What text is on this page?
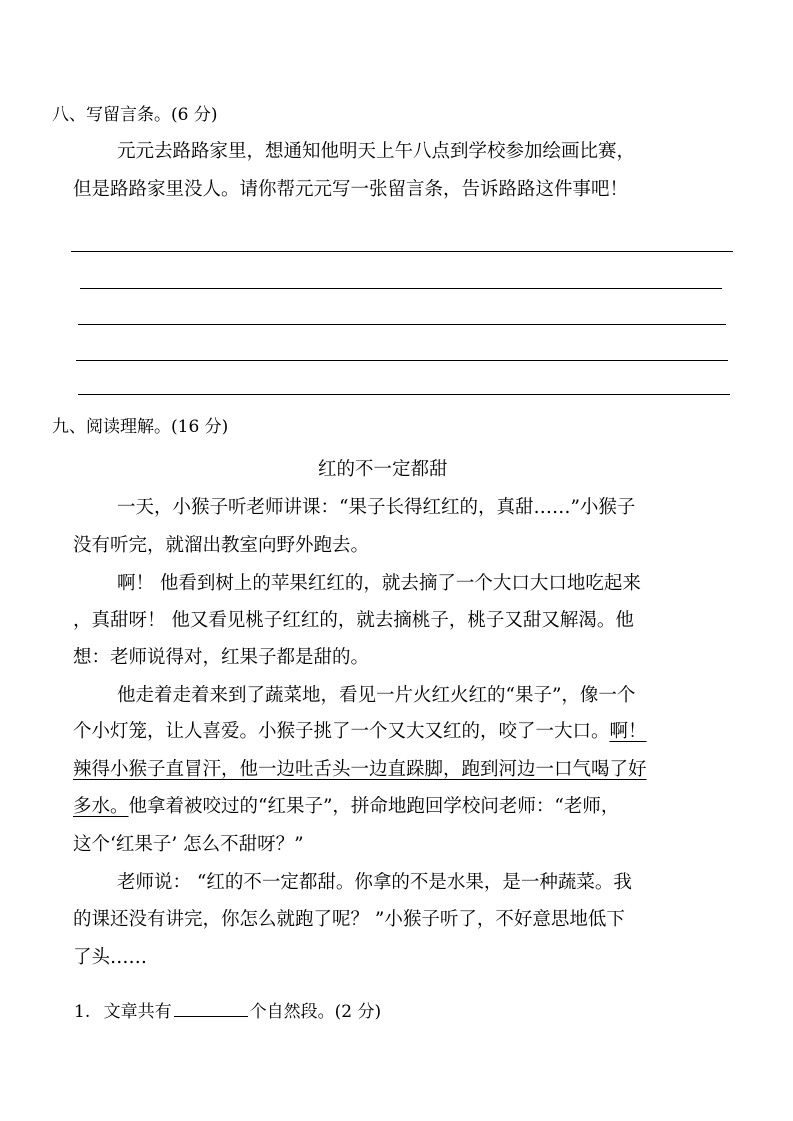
八、写留言条。(6 分)
元元去路路家里，想通知他明天上午八点到学校参加绘画比赛，
但是路路家里没人。请你帮元元写一张留言条，告诉路路这件事吧！
九、阅读理解。(16 分)
红的不一定都甜
一天，小猴子听老师讲课：“果子长得红红的，真甜……”小猴子
没有听完，就溜出教室向野外跑去。
啊！ 他看到树上的苹果红红的，就去摘了一个大口大口地吃起来
，真甜呀！ 他又看见桃子红红的，就去摘桃子，桃子又甜又解渴。他
想：老师说得对，红果子都是甜的。
他走着走着来到了蔬菜地，看见一片火红火红的“果子”，像一个
个小灯笼，让人喜爱。小猴子挑了一个又大又红的，咬了一大口。啊！
辣得小猴子直冒汗，他一边吐舌头一边直跺脚，跑到河边一口气喝了好
多水。他拿着被咬过的“红果子”，拼命地跑回学校问老师：“老师，
这个‘红果子’ 怎么不甜呀？”
老师说： “红的不一定都甜。你拿的不是水果，是一种蔬菜。我
的课还没有讲完，你怎么就跑了呢？ ”小猴子听了，不好意思地低下
了头……
1. 文章共有	个自然段。(2 分)
